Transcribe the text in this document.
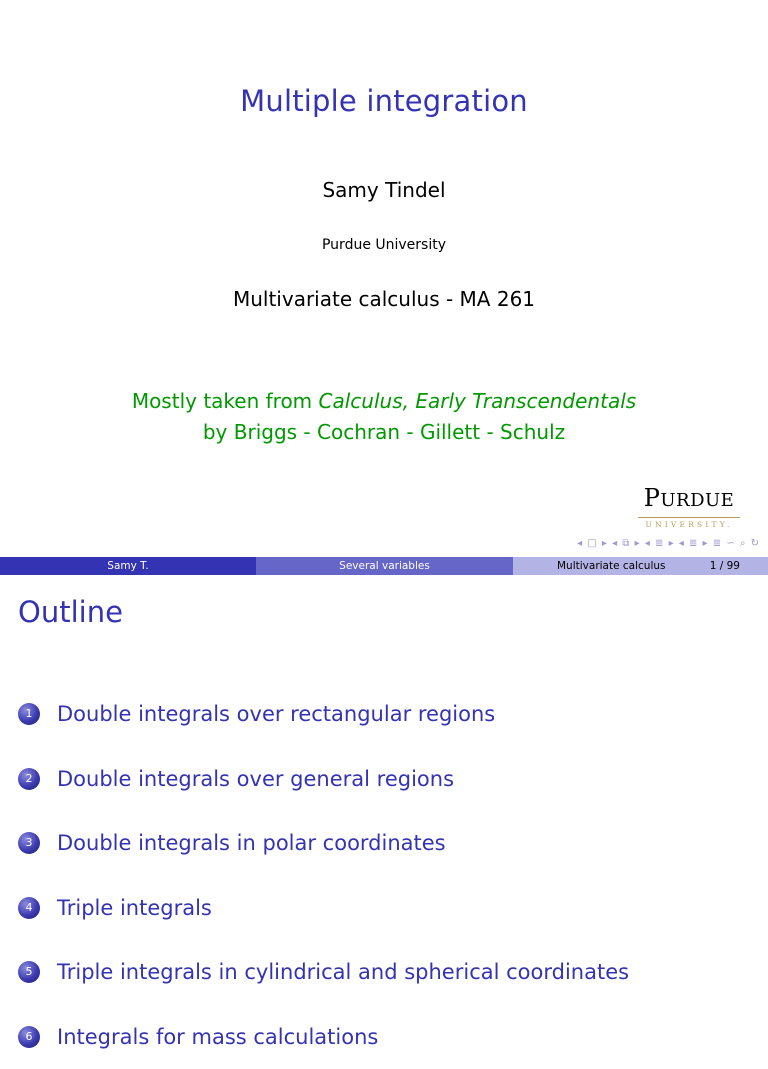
Multiple integration
Samy Tindel
Purdue University
Multivariate calculus - MA 261
Mostly taken from Calculus, Early Transcendentals
by Briggs - Cochran - Gillett - Schulz
PURDUE
UNIVERSITY.
◂ □ ▸ ◂ ⧉ ▸ ◂ ≣ ▸ ◂ ≣ ▸ ≣ ∽ ⌕ ↻
Samy T.	Several variables	Multivariate calculus	1 / 99
Outline
1	Double integrals over rectangular regions
2	Double integrals over general regions
3	Double integrals in polar coordinates
4	Triple integrals
5	Triple integrals in cylindrical and spherical coordinates
6	Integrals for mass calculations
